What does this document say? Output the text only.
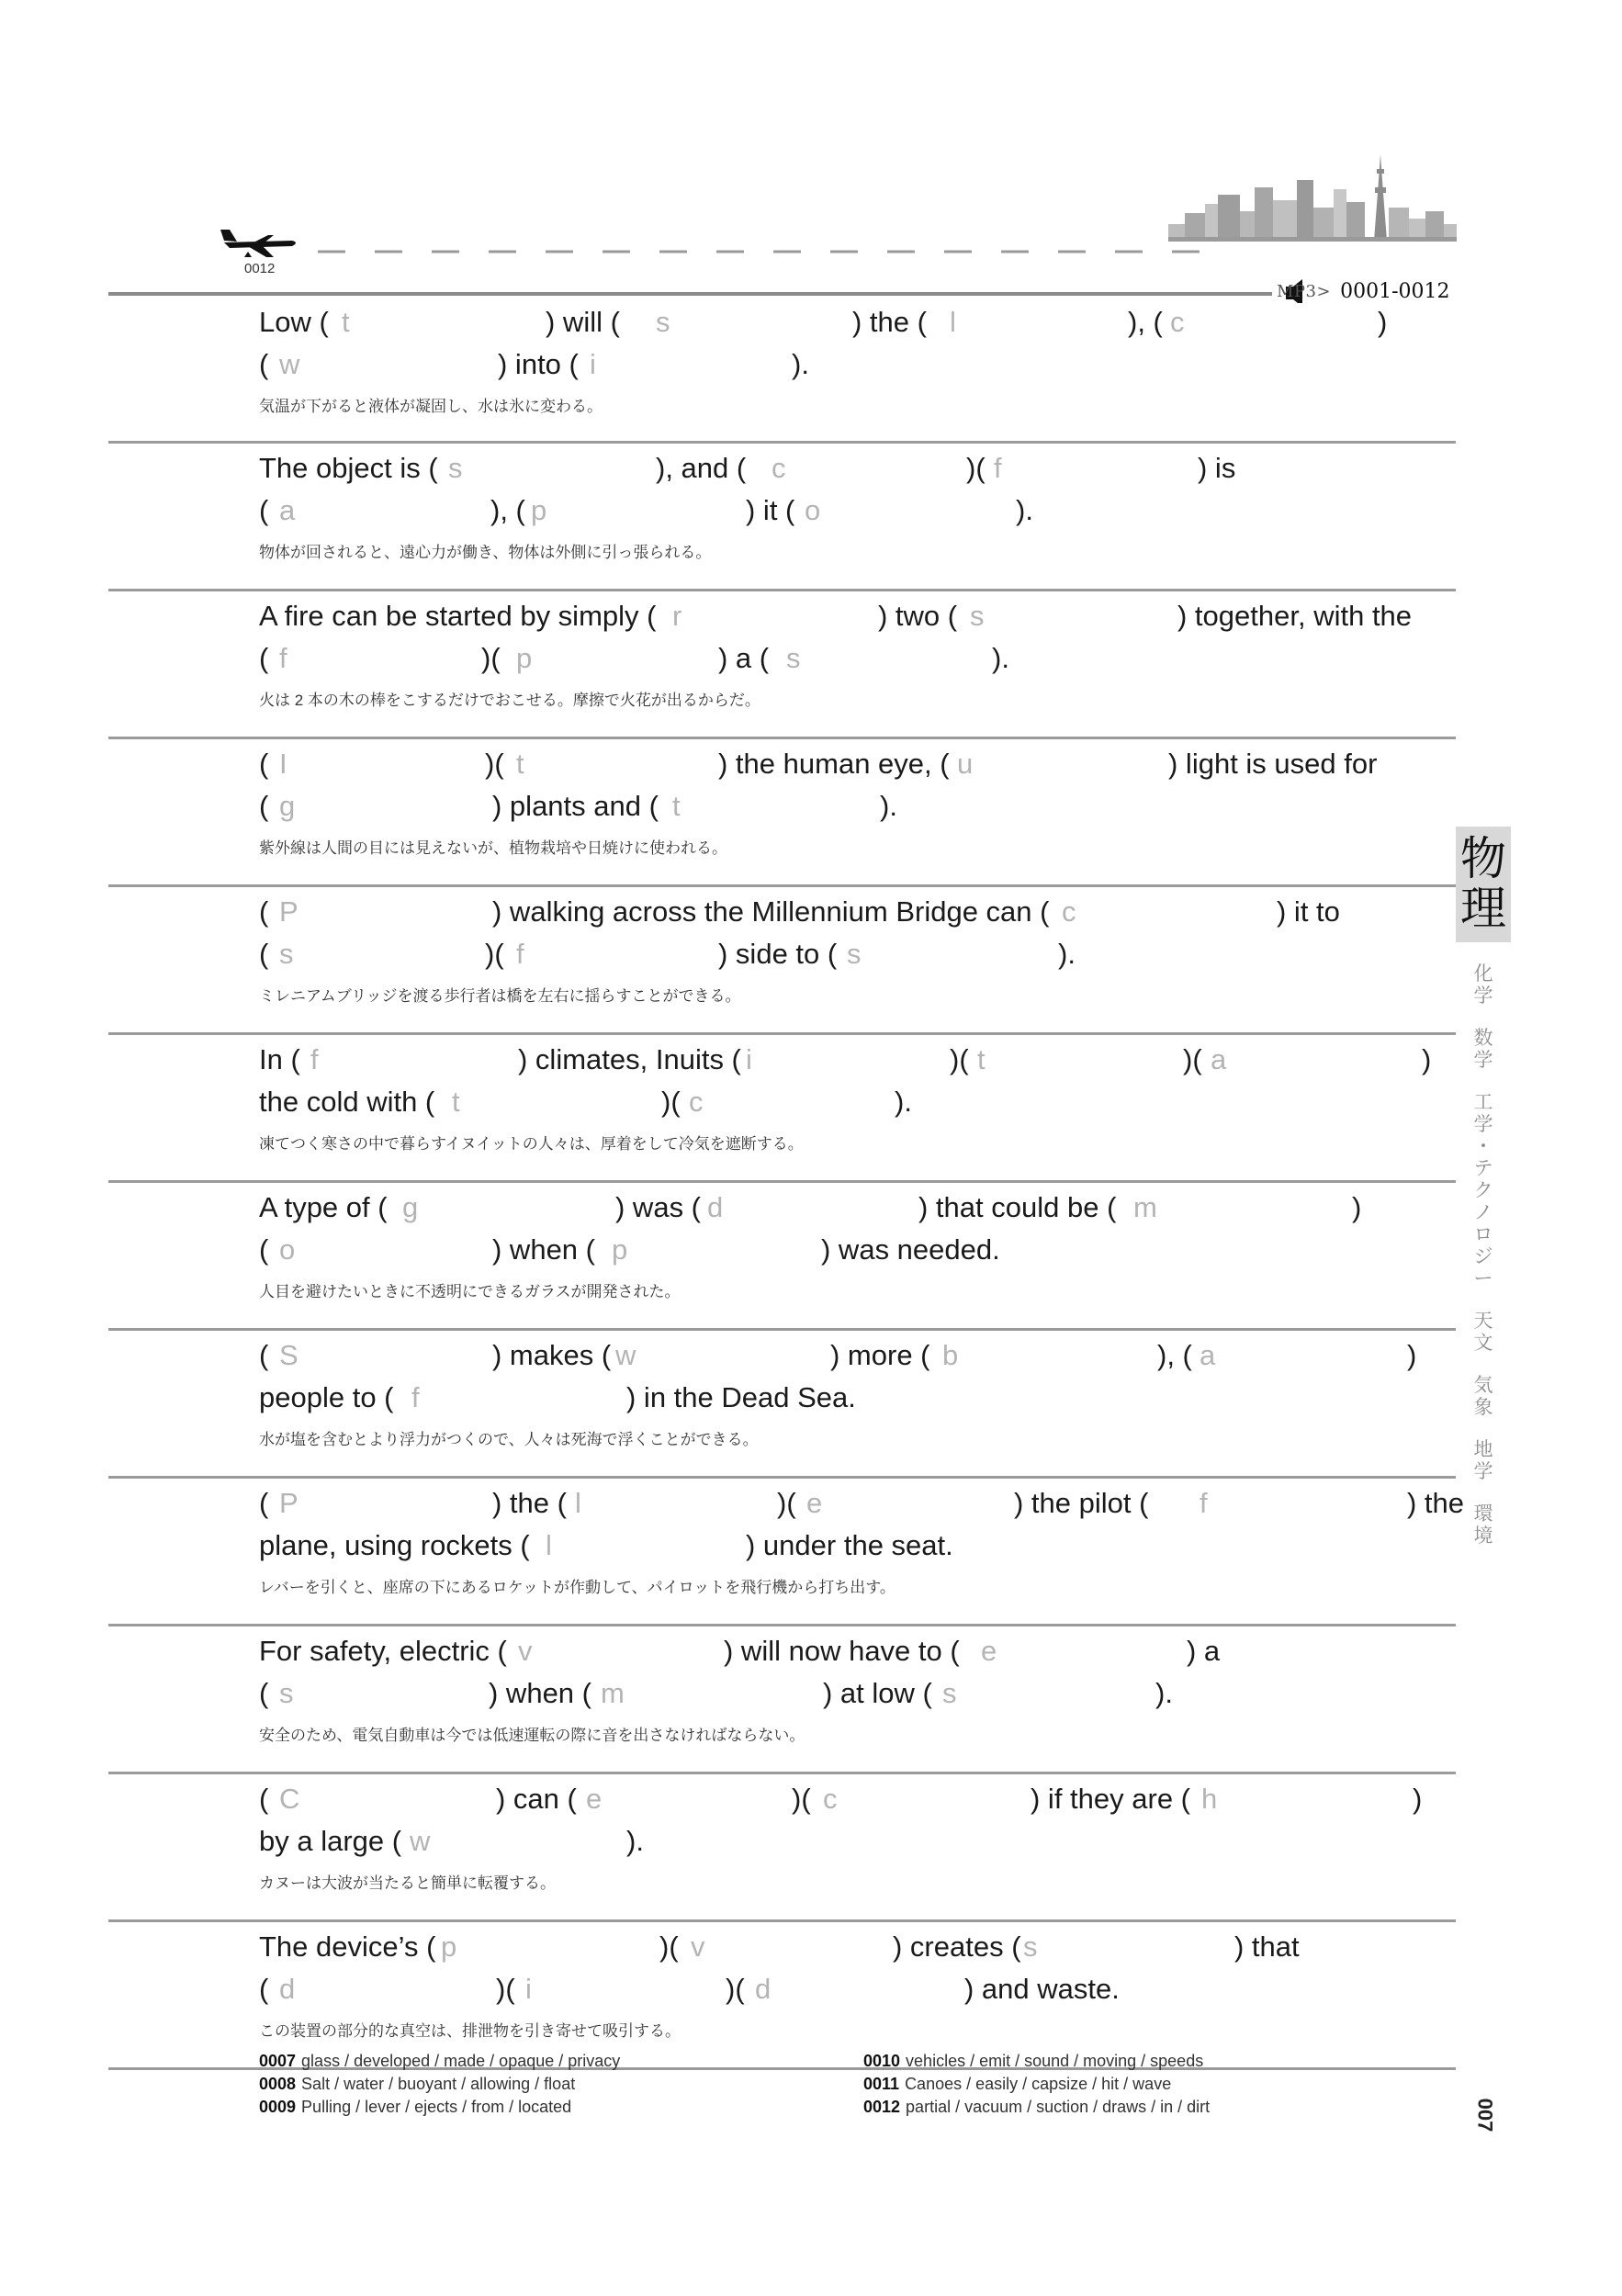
0012
MP3> 0001-0012
Low ( t	) will ( s	) the ( l	), ( c	)
( w	) into ( i	).
気温が下がると液体が凝固し、水は氷に変わる。
The object is ( s	), and ( c	)( f	) is
( a	), ( p	) it ( o	).
物体が回されると、遠心力が働き、物体は外側に引っ張られる。
A fire can be started by simply ( r	) two ( s	) together, with the
( f	)( p	) a ( s	).
火は 2 本の木の棒をこするだけでおこせる。摩擦で火花が出るからだ。
( I	)( t	) the human eye, ( u	) light is used for
( g	) plants and ( t	).
紫外線は人間の目には見えないが、植物栽培や日焼けに使われる。
( P	) walking across the Millennium Bridge can ( c	) it to
( s	)( f	) side to ( s	).
ミレニアムブリッジを渡る歩行者は橋を左右に揺らすことができる。
In ( f	) climates, Inuits ( i	)( t	)( a	)
the cold with ( t	)( c	).
凍てつく寒さの中で暮らすイヌイットの人々は、厚着をして冷気を遮断する。
A type of ( g	) was ( d	) that could be ( m	)
( o	) when ( p	) was needed.
人目を避けたいときに不透明にできるガラスが開発された。
( S	) makes ( w	) more ( b	), ( a	)
people to ( f	) in the Dead Sea.
水が塩を含むとより浮力がつくので、人々は死海で浮くことができる。
( P	) the ( l	)( e	) the pilot ( f	) the
plane, using rockets ( l	) under the seat.
レバーを引くと、座席の下にあるロケットが作動して、パイロットを飛行機から打ち出す。
For safety, electric ( v	) will now have to ( e	) a
( s	) when ( m	) at low ( s	).
安全のため、電気自動車は今では低速運転の際に音を出さなければならない。
( C	) can ( e	)( c	) if they are ( h	)
by a large ( w	).
カヌーは大波が当たると簡単に転覆する。
The device’s ( p	)( v	) creates ( s	) that
( d	)( i	)( d	) and waste.
この装置の部分的な真空は、排泄物を引き寄せて吸引する。
物
理
化
学
数
学
工
学
・
テ
ク
ノ
ロ
ジ
ー
天
文
気
象
地
学
環
境
0007 glass / developed / made / opaque / privacy
0008 Salt / water / buoyant / allowing / float
0009 Pulling / lever / ejects / from / located
0010 vehicles / emit / sound / moving / speeds
0011 Canoes / easily / capsize / hit / wave
0012 partial / vacuum / suction / draws / in / dirt	007
